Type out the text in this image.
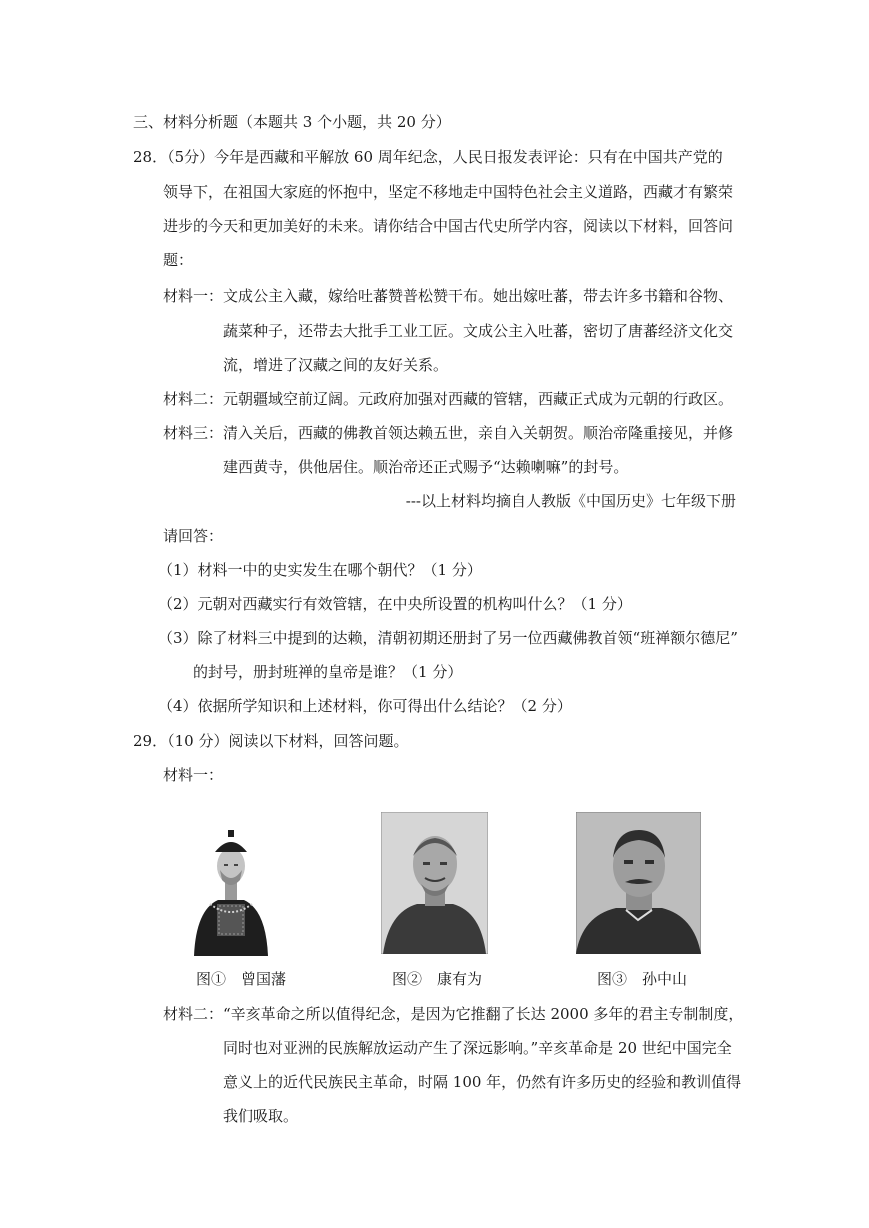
三、材料分析题（本题共 3 个小题，共 20 分）
28．（5分）今年是西藏和平解放 60 周年纪念，人民日报发表评论：只有在中国共产党的
领导下，在祖国大家庭的怀抱中，坚定不移地走中国特色社会主义道路，西藏才有繁荣
进步的今天和更加美好的未来。请你结合中国古代史所学内容，阅读以下材料，回答问
题：
材料一：文成公主入藏，嫁给吐蕃赞普松赞干布。她出嫁吐蕃，带去许多书籍和谷物、
蔬菜种子，还带去大批手工业工匠。文成公主入吐蕃，密切了唐蕃经济文化交
流，增进了汉藏之间的友好关系。
材料二：元朝疆域空前辽阔。元政府加强对西藏的管辖，西藏正式成为元朝的行政区。
材料三：清入关后，西藏的佛教首领达赖五世，亲自入关朝贺。顺治帝隆重接见，并修
建西黄寺，供他居住。顺治帝还正式赐予“达赖喇嘛”的封号。
---以上材料均摘自人教版《中国历史》七年级下册
请回答：
（1）材料一中的史实发生在哪个朝代？（1 分）
（2）元朝对西藏实行有效管辖，在中央所设置的机构叫什么？（1 分）
（3）除了材料三中提到的达赖，清朝初期还册封了另一位西藏佛教首领“班禅额尔德尼”
的封号，册封班禅的皇帝是谁？（1 分）
（4）依据所学知识和上述材料，你可得出什么结论？（2 分）
29．（10 分）阅读以下材料，回答问题。
材料一：
图①　曾国藩	图②　康有为	图③　孙中山
材料二：“辛亥革命之所以值得纪念，是因为它推翻了长达 2000 多年的君主专制制度，
同时也对亚洲的民族解放运动产生了深远影响。”辛亥革命是 20 世纪中国完全
意义上的近代民族民主革命，时隔 100 年，仍然有许多历史的经验和教训值得
我们吸取。
